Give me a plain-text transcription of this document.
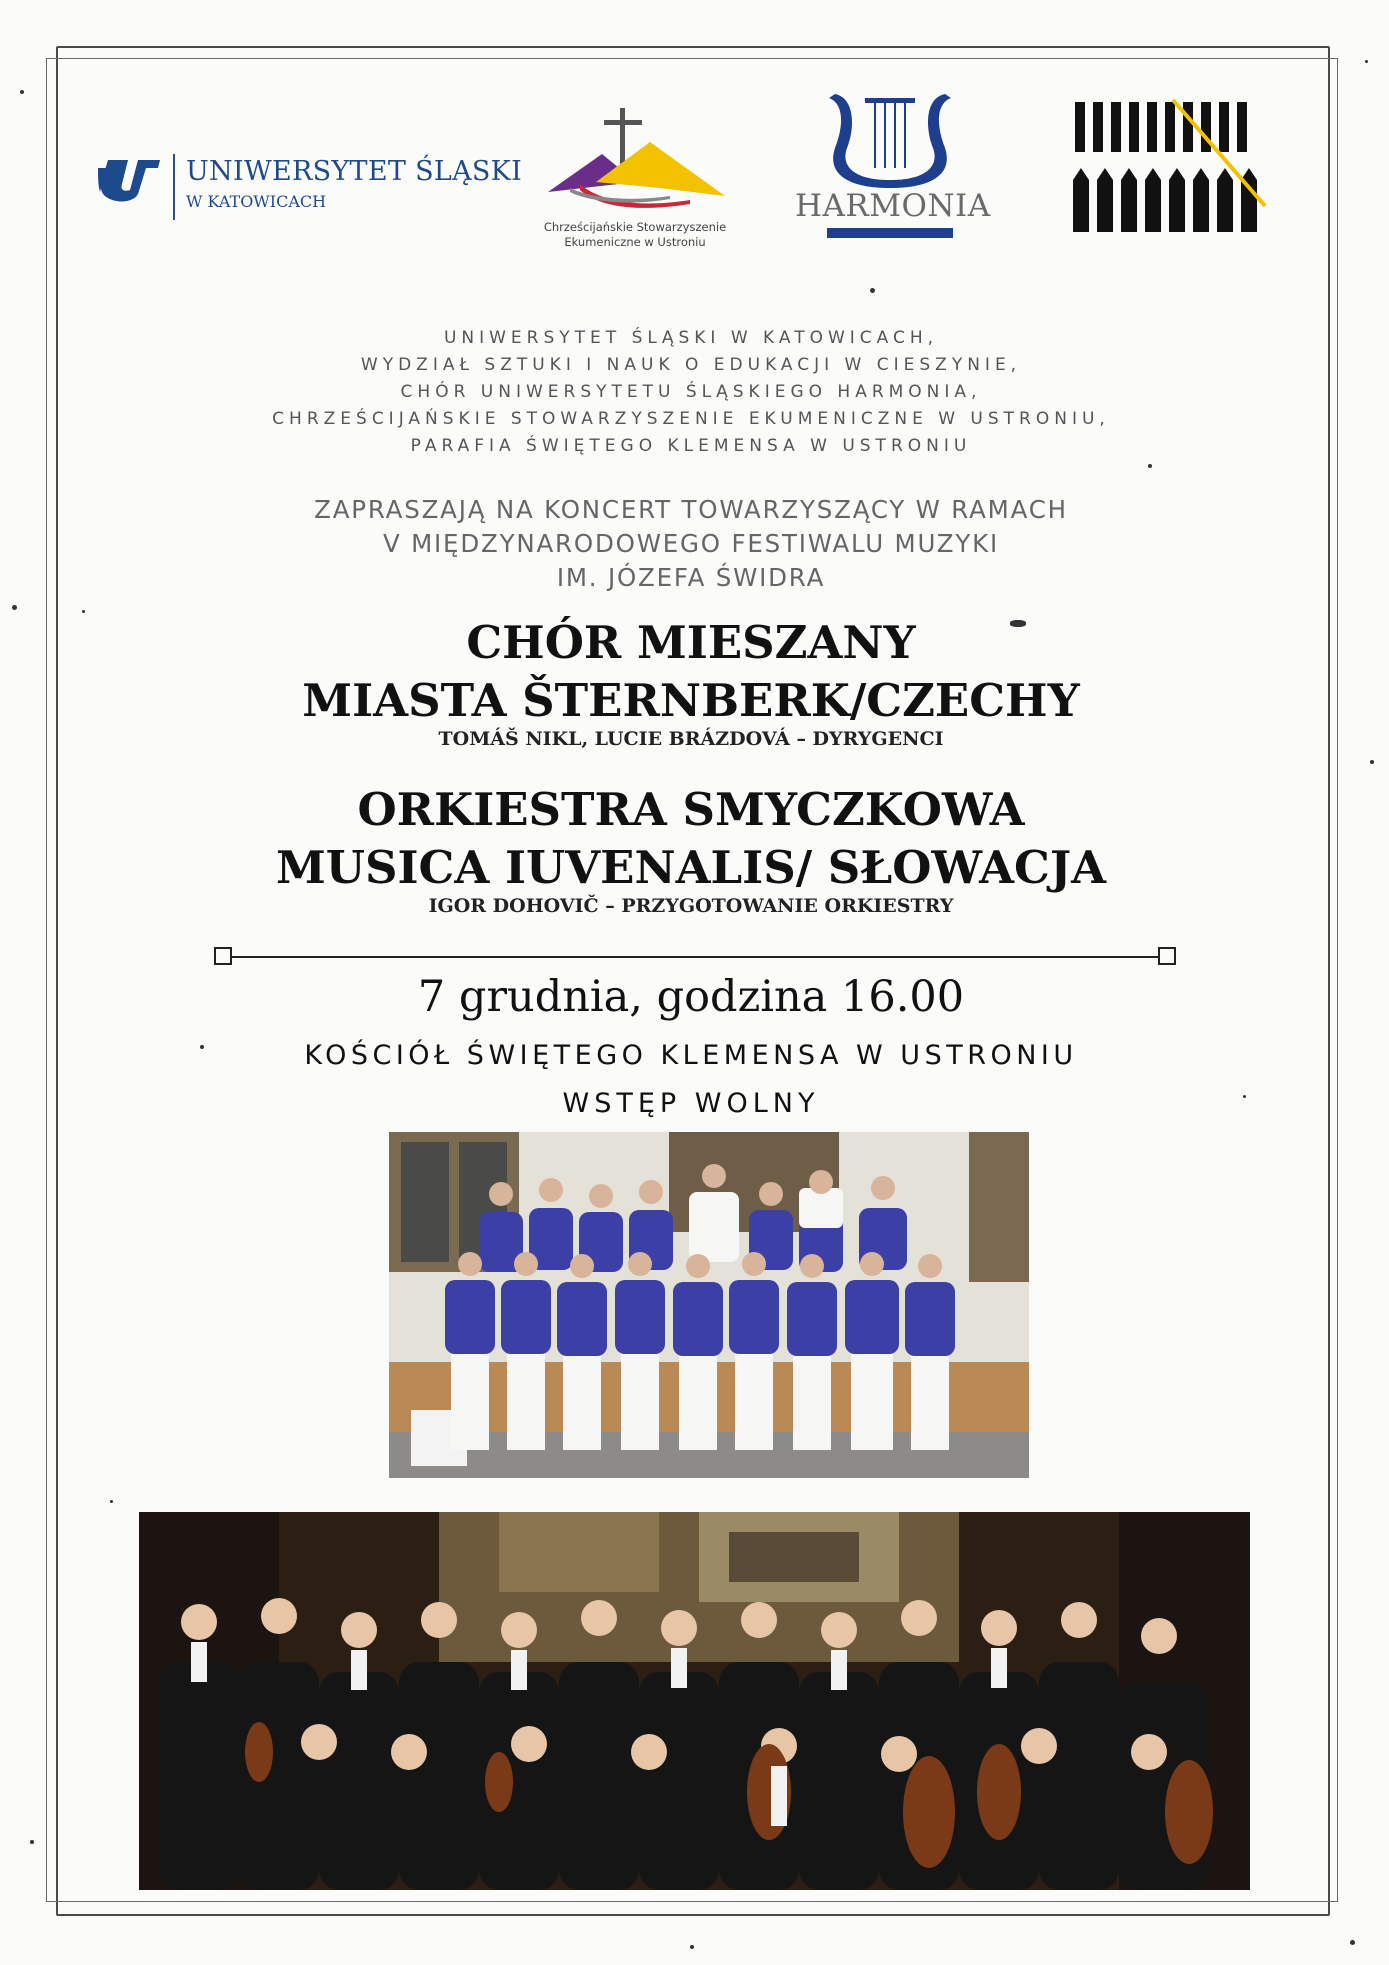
UNIWERSYTET ŚLĄSKI
W KATOWICACH
Chrześcijańskie Stowarzyszenie
Ekumeniczne w Ustroniu
HARMONIA
UNIWERSYTET ŚLĄSKI W KATOWICACH,
WYDZIAŁ SZTUKI I NAUK O EDUKACJI W CIESZYNIE,
CHÓR UNIWERSYTETU ŚLĄSKIEGO HARMONIA,
CHRZEŚCIJAŃSKIE STOWARZYSZENIE EKUMENICZNE W USTRONIU,
PARAFIA ŚWIĘTEGO KLEMENSA W USTRONIU
ZAPRASZAJĄ NA KONCERT TOWARZYSZĄCY W RAMACH
V MIĘDZYNARODOWEGO FESTIWALU MUZYKI
IM. JÓZEFA ŚWIDRA
CHÓR MIESZANY
MIASTA ŠTERNBERK/CZECHY
TOMÁŠ NIKL, LUCIE BRÁZDOVÁ – DYRYGENCI
ORKIESTRA SMYCZKOWA
MUSICA IUVENALIS/ SŁOWACJA
IGOR DOHOVIČ – PRZYGOTOWANIE ORKIESTRY
7 grudnia, godzina 16.00
KOŚCIÓŁ ŚWIĘTEGO KLEMENSA W USTRONIU
WSTĘP WOLNY
